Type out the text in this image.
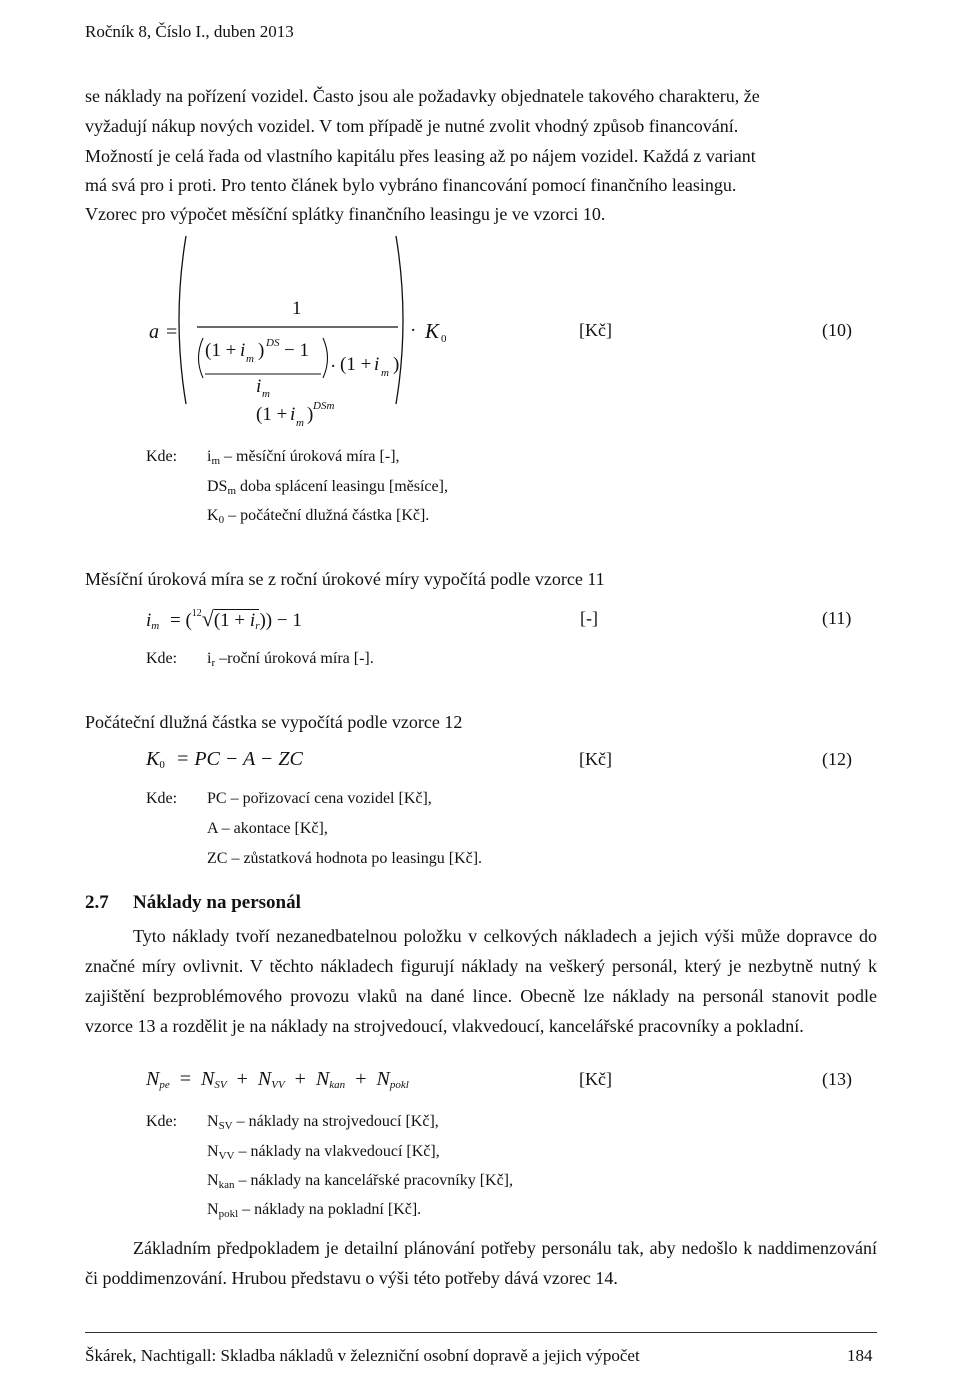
Ročník 8, Číslo I., duben 2013
se náklady na pořízení vozidel. Často jsou ale požadavky objednatele takového charakteru, že
vyžadují nákup nových vozidel. V tom případě je nutné zvolit vhodný způsob financování.
Možností je celá řada od vlastního kapitálu přes leasing až po nájem vozidel. Každá z variant
má svá pro i proti. Pro tento článek bylo vybráno financování pomocí finančního leasingu.
Vzorec pro výpočet měsíční splátky finančního leasingu je ve vzorci 10.
a =
1
(1 + i m ) DS − 1
i m
· (1 + i m )
(1 + i m ) DSm
· K 0	[Kč]	(10)
Kde: $i_m$ – měsíční úroková míra [-],
$DS_m$ doba splácení leasingu [měsíce],
$K_0$ – počáteční dlužná částka [Kč].
Měsíční úroková míra se z roční úrokové míry vypočítá podle vzorce 11
$i_m = (^{12}√(1 + i_r)) - 1$	[-]	(11)
Kde: $i_r$ –roční úroková míra [-].
Počáteční dlužná částka se vypočítá podle vzorce 12
$K_0$ = PC − A − ZC	[Kč]	(12)
Kde: PC – pořizovací cena vozidel [Kč],
A – akontace [Kč],
ZC – zůstatková hodnota po leasingu [Kč].
2.7 Náklady na personál
Tyto náklady tvoří nezanedbatelnou položku v celkových nákladech a jejich výši může dopravce do značné míry ovlivnit. V těchto nákladech figurují náklady na veškerý personál, který je nezbytně nutný k zajištění bezproblémového provozu vlaků na dané lince. Obecně lze náklady na personál stanovit podle vzorce 13 a rozdělit je na náklady na strojvedoucí, vlakvedoucí, kancelářské pracovníky a pokladní.
$N_{pe} = N_{SV} + N_{VV} + N_{kan} + N_{pokl}$	[Kč]	(13)
Kde: $N_{SV}$ – náklady na strojvedoucí [Kč],
$N_{VV}$ – náklady na vlakvedoucí [Kč],
$N_{kan}$ – náklady na kancelářské pracovníky [Kč],
$N_{pokl}$ – náklady na pokladní [Kč].
Základním předpokladem je detailní plánování potřeby personálu tak, aby nedošlo k naddimenzování či poddimenzování. Hrubou představu o výši této potřeby dává vzorec 14.
Škárek, Nachtigall: Skladba nákladů v železniční osobní dopravě a jejich výpočet	184
